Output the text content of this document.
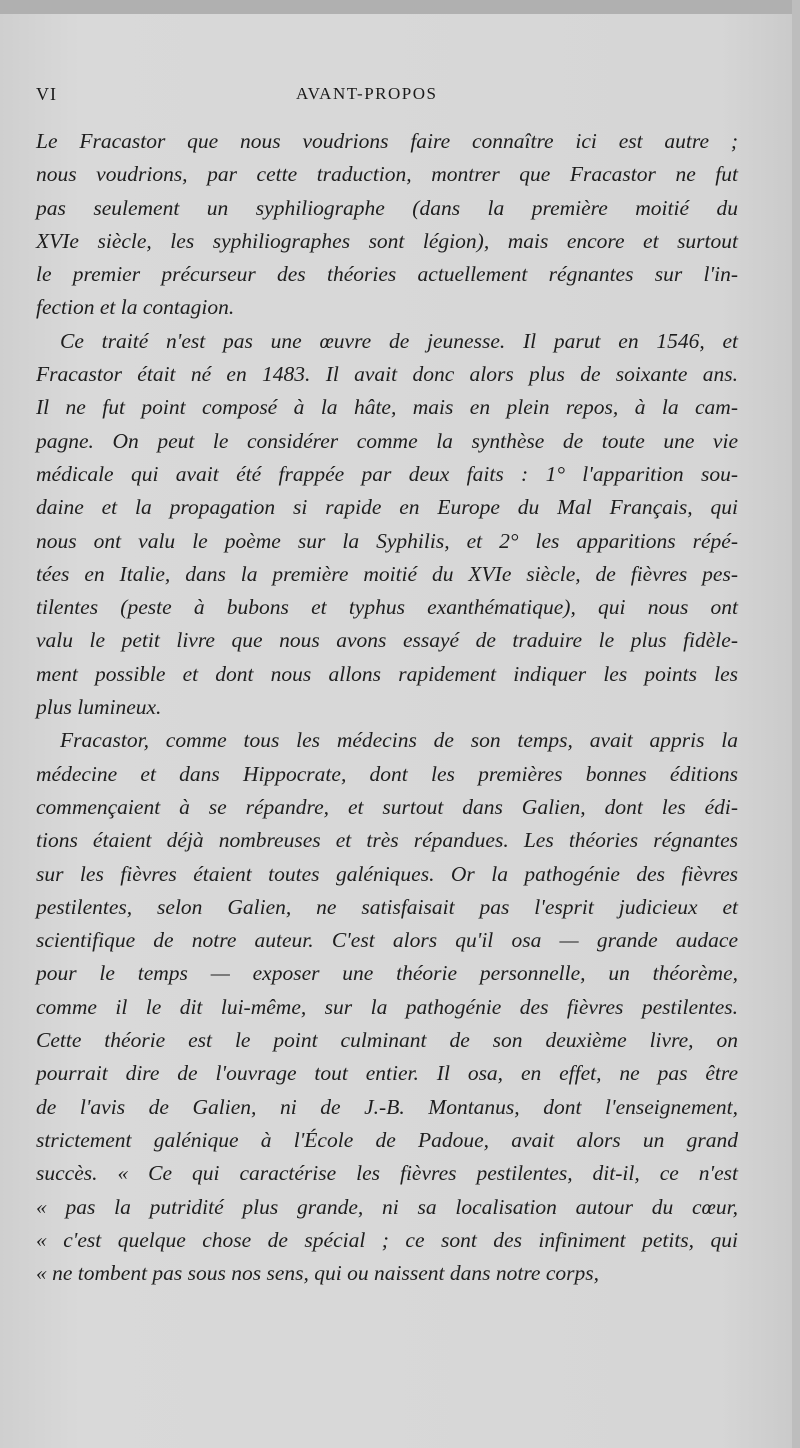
VI	AVANT-PROPOS
Le Fracastor que nous voudrions faire connaître ici est autre ;
nous voudrions, par cette traduction, montrer que Fracastor ne fut
pas seulement un syphiliographe (dans la première moitié du
XVIe siècle, les syphiliographes sont légion), mais encore et surtout
le premier précurseur des théories actuellement régnantes sur l'in-
fection et la contagion.
Ce traité n'est pas une œuvre de jeunesse. Il parut en 1546, et
Fracastor était né en 1483. Il avait donc alors plus de soixante ans.
Il ne fut point composé à la hâte, mais en plein repos, à la cam-
pagne. On peut le considérer comme la synthèse de toute une vie
médicale qui avait été frappée par deux faits : 1° l'apparition sou-
daine et la propagation si rapide en Europe du Mal Français, qui
nous ont valu le poème sur la Syphilis, et 2° les apparitions répé-
tées en Italie, dans la première moitié du XVIe siècle, de fièvres pes-
tilentes (peste à bubons et typhus exanthématique), qui nous ont
valu le petit livre que nous avons essayé de traduire le plus fidèle-
ment possible et dont nous allons rapidement indiquer les points les
plus lumineux.
Fracastor, comme tous les médecins de son temps, avait appris la
médecine et dans Hippocrate, dont les premières bonnes éditions
commençaient à se répandre, et surtout dans Galien, dont les édi-
tions étaient déjà nombreuses et très répandues. Les théories régnantes
sur les fièvres étaient toutes galéniques. Or la pathogénie des fièvres
pestilentes, selon Galien, ne satisfaisait pas l'esprit judicieux et
scientifique de notre auteur. C'est alors qu'il osa — grande audace
pour le temps — exposer une théorie personnelle, un théorème,
comme il le dit lui-même, sur la pathogénie des fièvres pestilentes.
Cette théorie est le point culminant de son deuxième livre, on
pourrait dire de l'ouvrage tout entier. Il osa, en effet, ne pas être
de l'avis de Galien, ni de J.-B. Montanus, dont l'enseignement,
strictement galénique à l'École de Padoue, avait alors un grand
succès. « Ce qui caractérise les fièvres pestilentes, dit-il, ce n'est
« pas la putridité plus grande, ni sa localisation autour du cœur,
« c'est quelque chose de spécial ; ce sont des infiniment petits, qui
« ne tombent pas sous nos sens, qui ou naissent dans notre corps,
